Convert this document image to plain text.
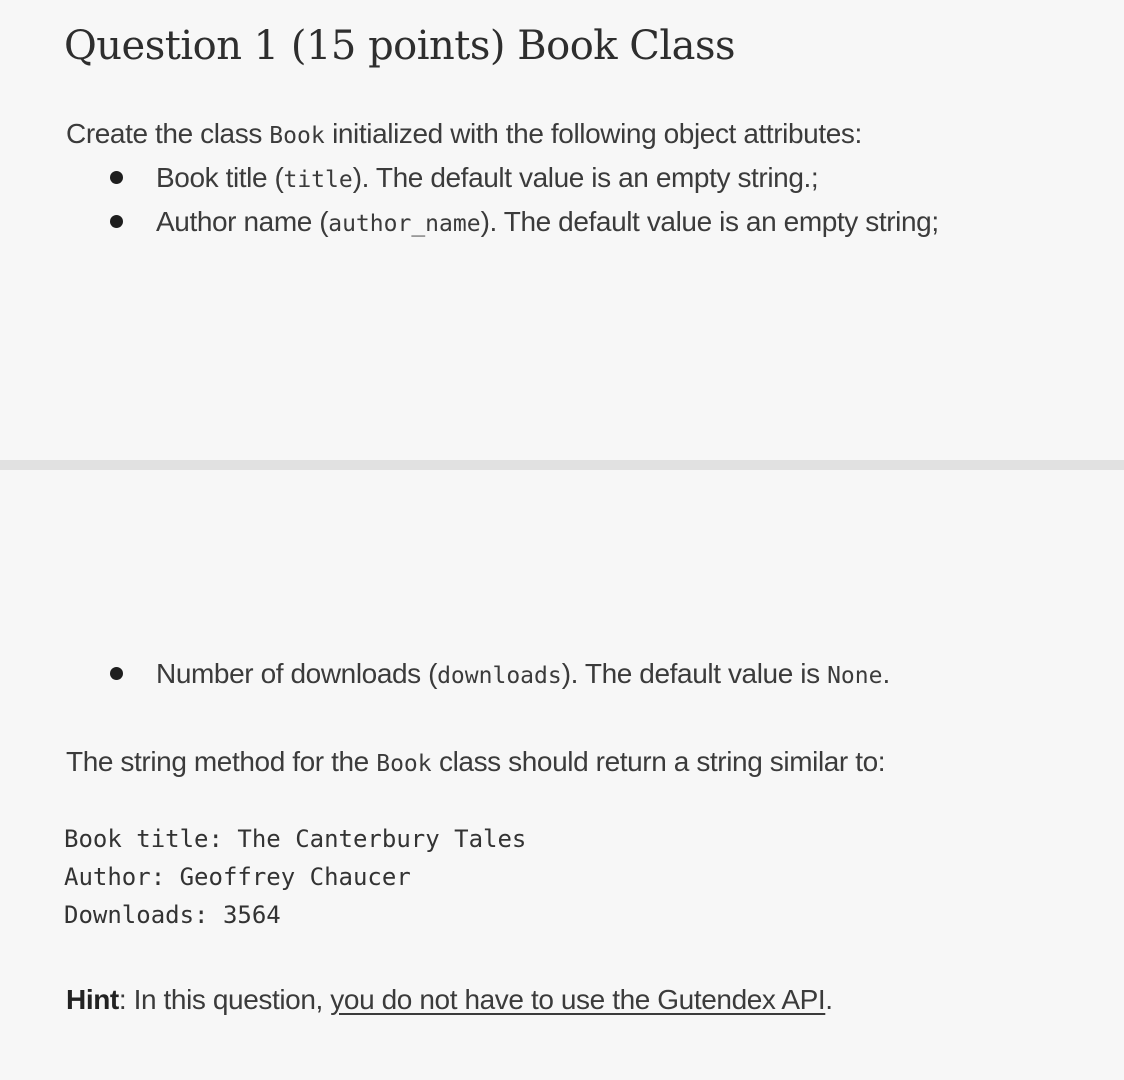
Question 1 (15 points) Book Class

Create the class Book initialized with the following object attributes:

Book title (title). The default value is an empty string.;
Author name (author_name). The default value is an empty string;
Number of downloads (downloads). The default value is None.

The string method for the Book class should return a string similar to:

Book title: The Canterbury Tales
Author: Geoffrey Chaucer
Downloads: 3564

Hint: In this question, you do not have to use the Gutendex API.
